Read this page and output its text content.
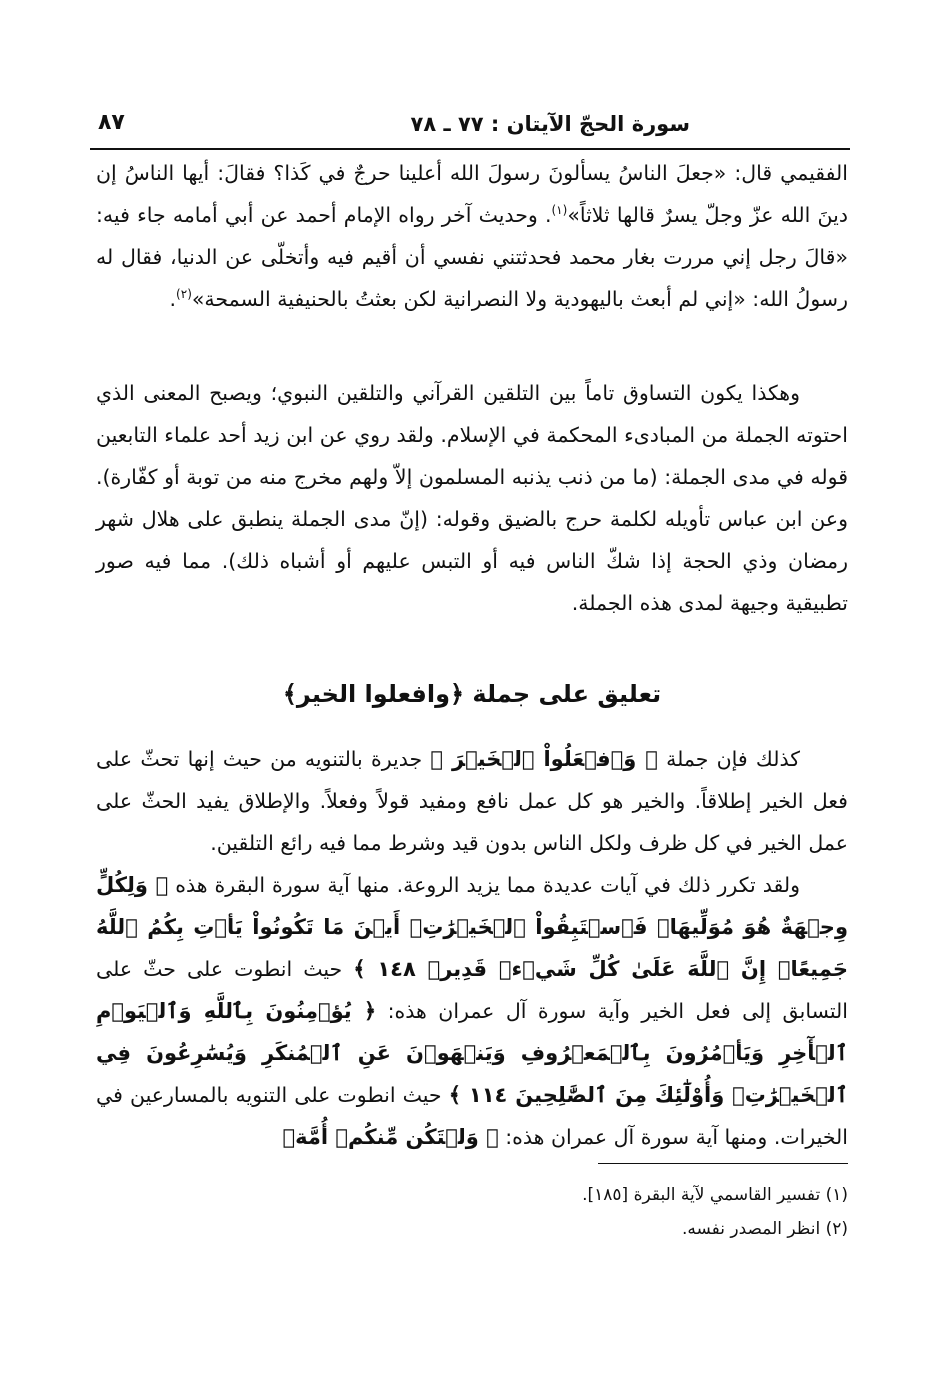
سورة الحجّ الآيتان : ٧٧ ـ ٧٨
٨٧

الفقيمي قال: «جعلَ الناسُ يسألونَ رسولَ الله أعلينا حرجٌ في كَذا؟ فقالَ: أيها الناسُ إن دينَ الله عزّ وجلّ يسرٌ قالها ثلاثاً»$^{(١)}$. وحديث آخر رواه الإمام أحمد عن أبي أمامه جاء فيه: «قالَ رجل إني مررت بغار محمد فحدثتني نفسي أن أقيم فيه وأتخلّى عن الدنيا، فقال له رسولُ الله: «إني لم أبعث باليهودية ولا النصرانية لكن بعثتُ بالحنيفية السمحة»$^{(٢)}$.

وهكذا يكون التساوق تاماً بين التلقين القرآني والتلقين النبوي؛ ويصبح المعنى الذي احتوته الجملة من المبادىء المحكمة في الإسلام. ولقد روي عن ابن زيد أحد علماء التابعين قوله في مدى الجملة: (ما من ذنب يذنبه المسلمون إلاّ ولهم مخرج منه من توبة أو كفّارة). وعن ابن عباس تأويله لكلمة حرج بالضيق وقوله: (إنّ مدى الجملة ينطبق على هلال شهر رمضان وذي الحجة إذا شكّ الناس فيه أو التبس عليهم أو أشباه ذلك). مما فيه صور تطبيقية وجيهة لمدى هذه الجملة.

تعليق على جملة ﴿وافعلوا الخير﴾

كذلك فإن جملة ﴿ وَٱفۡعَلُواْ ٱلۡخَيۡرَ ﴾ جديرة بالتنويه من حيث إنها تحثّ على فعل الخير إطلاقاً. والخير هو كل عمل نافع ومفيد قولاً وفعلاً. والإطلاق يفيد الحثّ على عمل الخير في كل ظرف ولكل الناس بدون قيد وشرط مما فيه رائع التلقين.

ولقد تكرر ذلك في آيات عديدة مما يزيد الروعة. منها آية سورة البقرة هذه ﴿ وَلِكُلٍّ وِجۡهَةٌ هُوَ مُوَلِّيهَاۖ فَٱسۡتَبِقُواْ ٱلۡخَيۡرَٰتِۚ أَيۡنَ مَا تَكُونُواْ يَأۡتِ بِكُمُ ٱللَّهُ جَمِيعًاۚ إِنَّ ٱللَّهَ عَلَىٰ كُلِّ شَيۡءٖ قَدِيرٞ ١٤٨ ﴾ حيث انطوت على حثّ على التسابق إلى فعل الخير وآية سورة آل عمران هذه: ﴿ يُؤۡمِنُونَ بِٱللَّهِ وَٱلۡيَوۡمِ ٱلۡأٓخِرِ وَيَأۡمُرُونَ بِٱلۡمَعۡرُوفِ وَيَنۡهَوۡنَ عَنِ ٱلۡمُنكَرِ وَيُسَٰرِعُونَ فِي ٱلۡخَيۡرَٰتِۖ وَأُوْلَٰٓئِكَ مِنَ ٱلصَّٰلِحِينَ ١١٤ ﴾ حيث انطوت على التنويه بالمسارعين في الخيرات. ومنها آية سورة آل عمران هذه: ﴿ وَلۡتَكُن مِّنكُمۡ أُمَّةٞ

(١) تفسير القاسمي لآية البقرة [١٨٥].

(٢) انظر المصدر نفسه.
